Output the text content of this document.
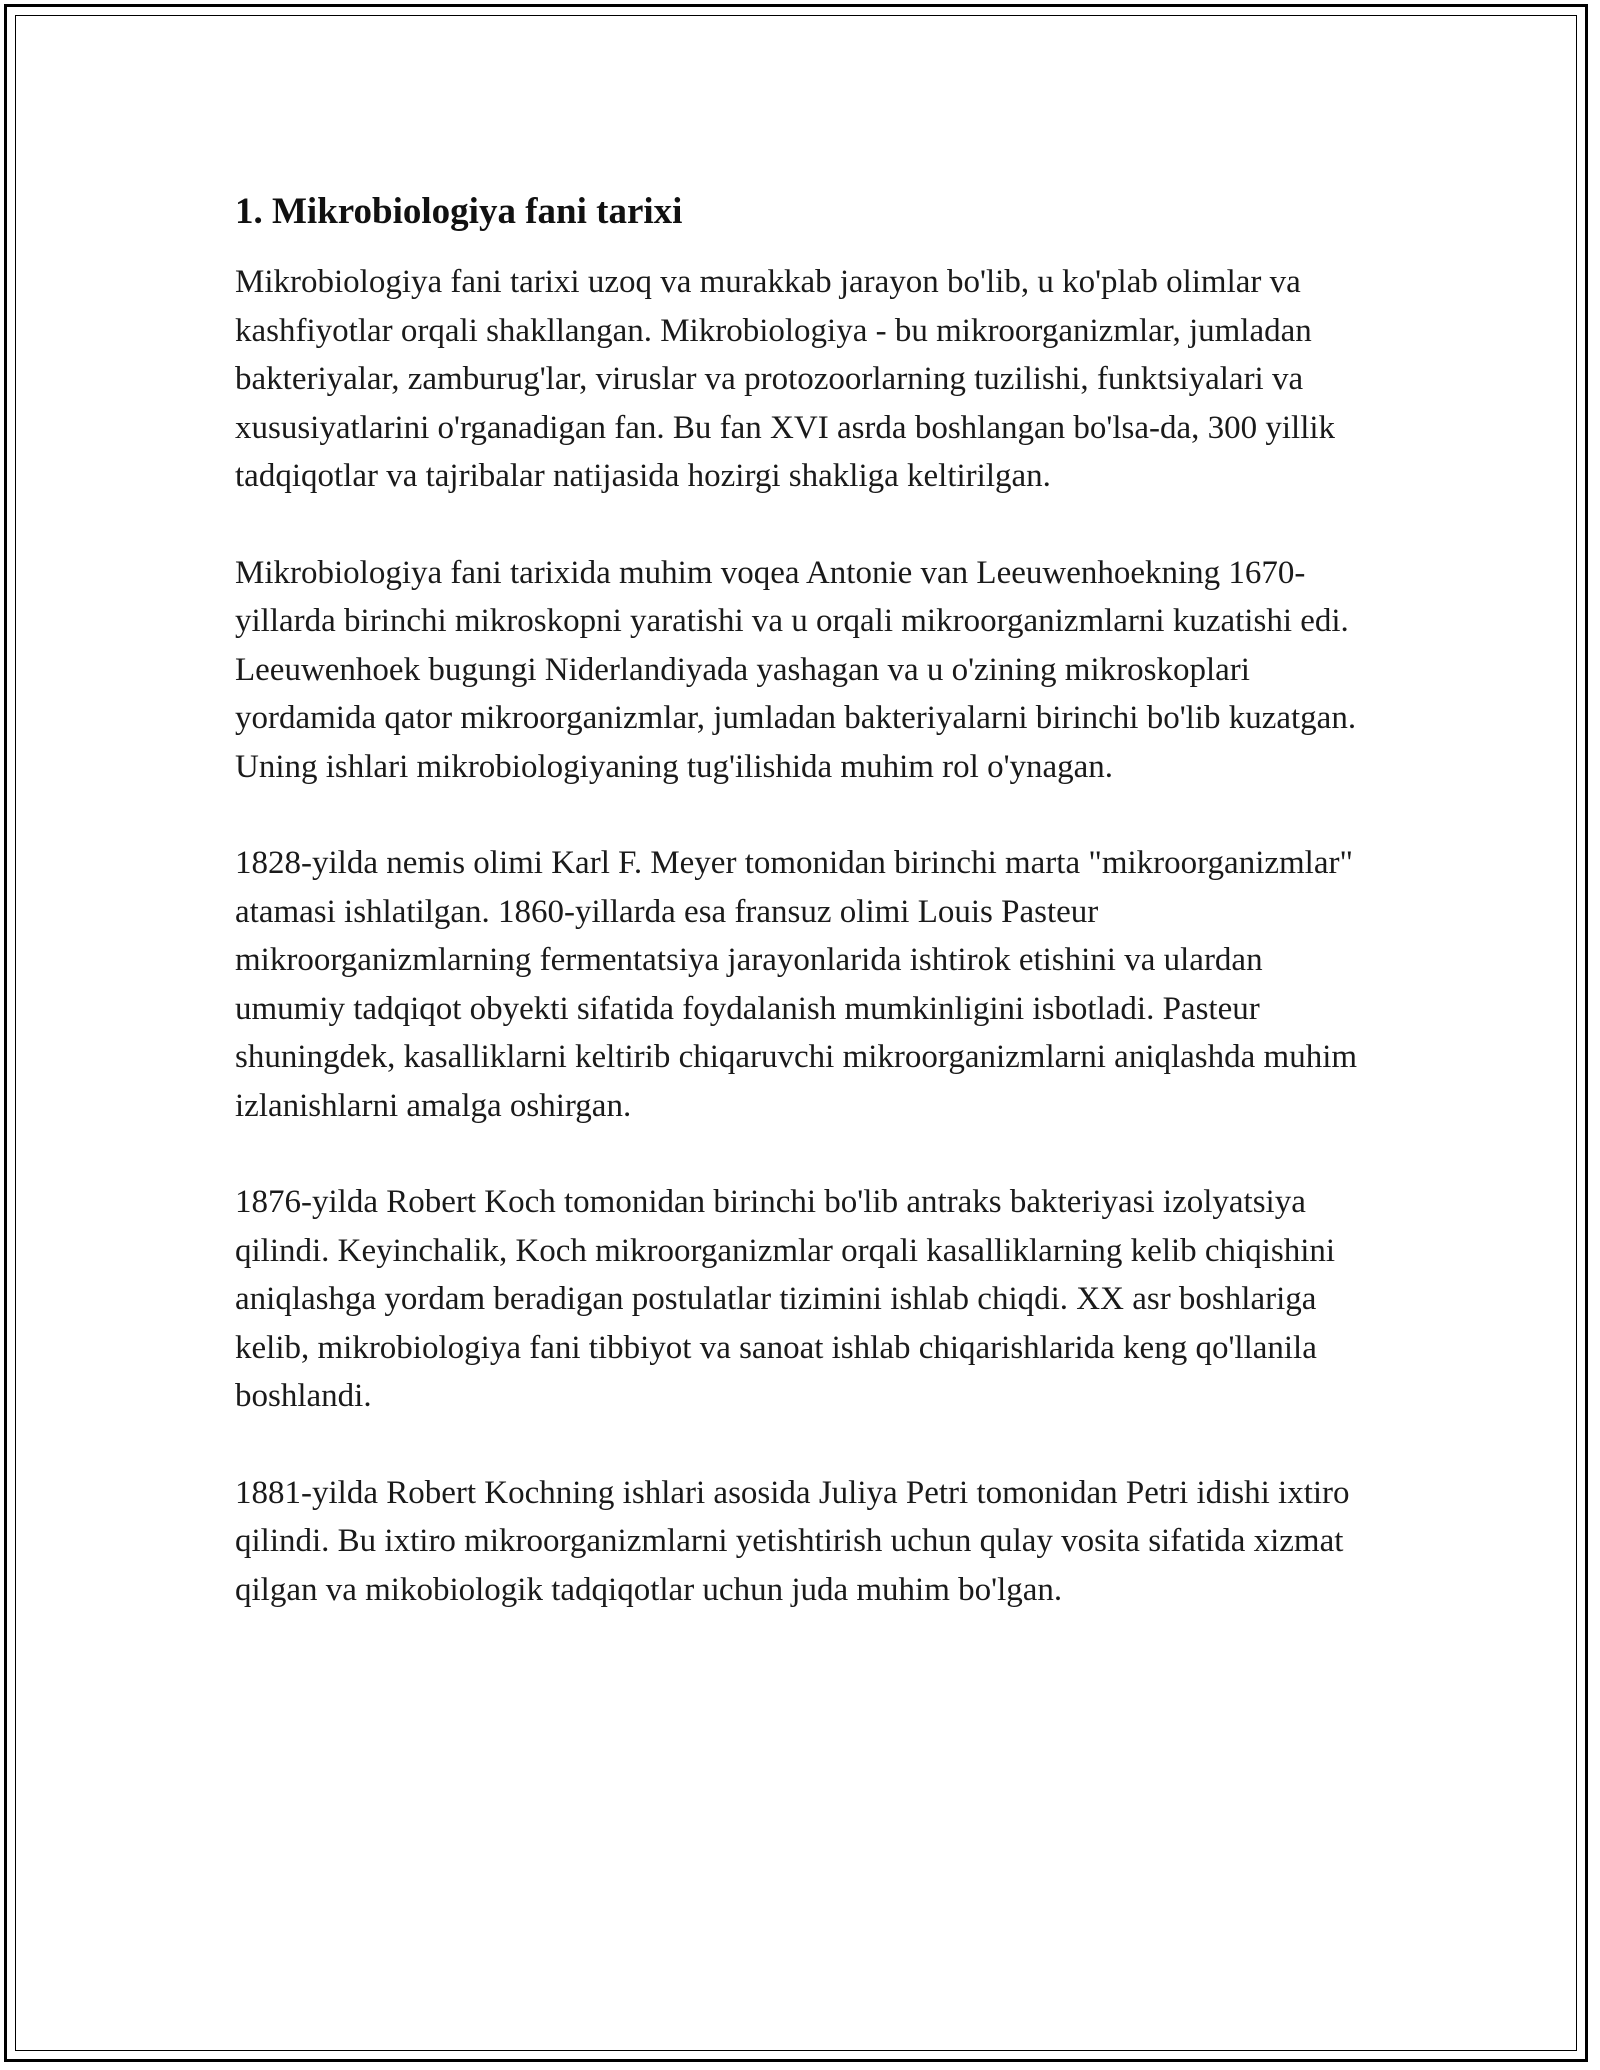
1. Mikrobiologiya fani tarixi

Mikrobiologiya fani tarixi uzoq va murakkab jarayon bo'lib, u ko'plab olimlar va kashfiyotlar orqali shakllangan. Mikrobiologiya - bu mikroorganizmlar, jumladan bakteriyalar, zamburug'lar, viruslar va protozoorlarning tuzilishi, funktsiyalari va xususiyatlarini o'rganadigan fan. Bu fan XVI asrda boshlangan bo'lsa-da, 300 yillik tadqiqotlar va tajribalar natijasida hozirgi shakliga keltirilgan.

Mikrobiologiya fani tarixida muhim voqea Antonie van Leeuwenhoekning 1670-yillarda birinchi mikroskopni yaratishi va u orqali mikroorganizmlarni kuzatishi edi. Leeuwenhoek bugungi Niderlandiyada yashagan va u o'zining mikroskoplari yordamida qator mikroorganizmlar, jumladan bakteriyalarni birinchi bo'lib kuzatgan. Uning ishlari mikrobiologiyaning tug'ilishida muhim rol o'ynagan.

1828-yilda nemis olimi Karl F. Meyer tomonidan birinchi marta "mikroorganizmlar" atamasi ishlatilgan. 1860-yillarda esa fransuz olimi Louis Pasteur mikroorganizmlarning fermentatsiya jarayonlarida ishtirok etishini va ulardan umumiy tadqiqot obyekti sifatida foydalanish mumkinligini isbotladi. Pasteur shuningdek, kasalliklarni keltirib chiqaruvchi mikroorganizmlarni aniqlashda muhim izlanishlarni amalga oshirgan.

1876-yilda Robert Koch tomonidan birinchi bo'lib antraks bakteriyasi izolyatsiya qilindi. Keyinchalik, Koch mikroorganizmlar orqali kasalliklarning kelib chiqishini aniqlashga yordam beradigan postulatlar tizimini ishlab chiqdi. XX asr boshlariga kelib, mikrobiologiya fani tibbiyot va sanoat ishlab chiqarishlarida keng qo'llanila boshlandi.

1881-yilda Robert Kochning ishlari asosida Juliya Petri tomonidan Petri idishi ixtiro qilindi. Bu ixtiro mikroorganizmlarni yetishtirish uchun qulay vosita sifatida xizmat qilgan va mikobiologik tadqiqotlar uchun juda muhim bo'lgan.
